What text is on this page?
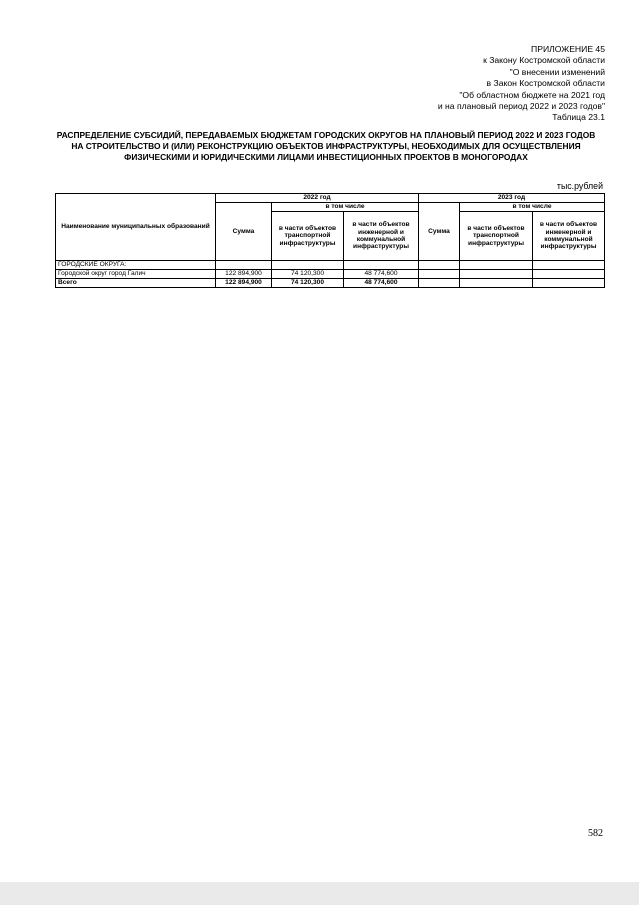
ПРИЛОЖЕНИЕ 45
к Закону Костромской области
"О внесении изменений
в Закон Костромской области
"Об областном бюджете на 2021 год
и на плановый период 2022 и 2023 годов"
Таблица 23.1
РАСПРЕДЕЛЕНИЕ СУБСИДИЙ, ПЕРЕДАВАЕМЫХ БЮДЖЕТАМ ГОРОДСКИХ ОКРУГОВ НА ПЛАНОВЫЙ ПЕРИОД 2022 И 2023 ГОДОВ НА СТРОИТЕЛЬСТВО И (ИЛИ) РЕКОНСТРУКЦИЮ ОБЪЕКТОВ ИНФРАСТРУКТУРЫ, НЕОБХОДИМЫХ ДЛЯ ОСУЩЕСТВЛЕНИЯ ФИЗИЧЕСКИМИ И ЮРИДИЧЕСКИМИ ЛИЦАМИ ИНВЕСТИЦИОННЫХ ПРОЕКТОВ В МОНОГОРОДАХ
тыс.рублей
Наименование муниципальных образований	2022 год			2023 год		
	Сумма	в том числе		Сумма	в том числе	
		в части объектов транспортной инфраструктуры	в части объектов инженерной и коммунальной инфраструктуры		в части объектов транспортной инфраструктуры	в части объектов инженерной и коммунальной инфраструктуры
ГОРОДСКИЕ ОКРУГА:						
Городской округ город Галич	122 894,900	74 120,300	48 774,600			
Всего	122 894,900	74 120,300	48 774,600			
582
